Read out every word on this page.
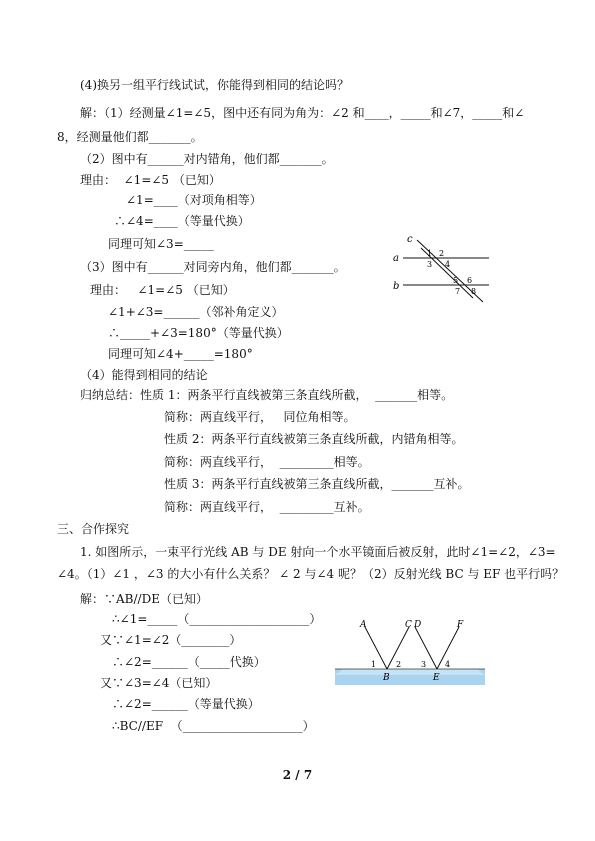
(4)换另一组平行线试试，你能得到相同的结论吗？
解：（1）经测量∠1=∠5，图中还有同为角为：∠2 和____，_____和∠7，_____和∠
8，经测量他们都_______。
（2）图中有______对内错角，他们都_______。
理由：  ∠1=∠5 （已知）
∠1=____（对项角相等）
∴∠4=____（等量代换）
同理可知∠3=_____
（3）图中有______对同旁内角，他们都_______。
理由：   ∠1=∠5 （已知）
∠1+∠3=______（邻补角定义）
∴_____+∠3=180°（等量代换）
同理可知∠4+_____=180°
（4）能得到相同的结论
归纳总结：性质 1：两条平行直线被第三条直线所截，  _______相等。
简称：两直线平行，   同位角相等。
性质 2：两条平行直线被第三条直线所截，内错角相等。
简称：两直线平行，  _________相等。
性质 3：两条平行直线被第三条直线所截，_______互补。
简称：两直线平行，  _________互补。
三、合作探究
1. 如图所示，一束平行光线 AB 与 DE 射向一个水平镜面后被反射，此时∠1=∠2，∠3=
∠4。（1）∠1 ，∠3 的大小有什么关系？ ∠ 2 与∠4 呢？（2）反射光线 BC 与 EF 也平行吗？
解：∵AB//DE（已知）
∴∠1=_____（____________________）
又∵∠1=∠2（________）
∴∠2=______（_____代换）
又∵∠3=∠4（已知）
∴∠2=______（等量代换）
∴BC//EF  （____________________）
c
a
b
1 2
3 4
5 6
7 8
A	C D	F
B	E
1 2 3 4
2 / 7
